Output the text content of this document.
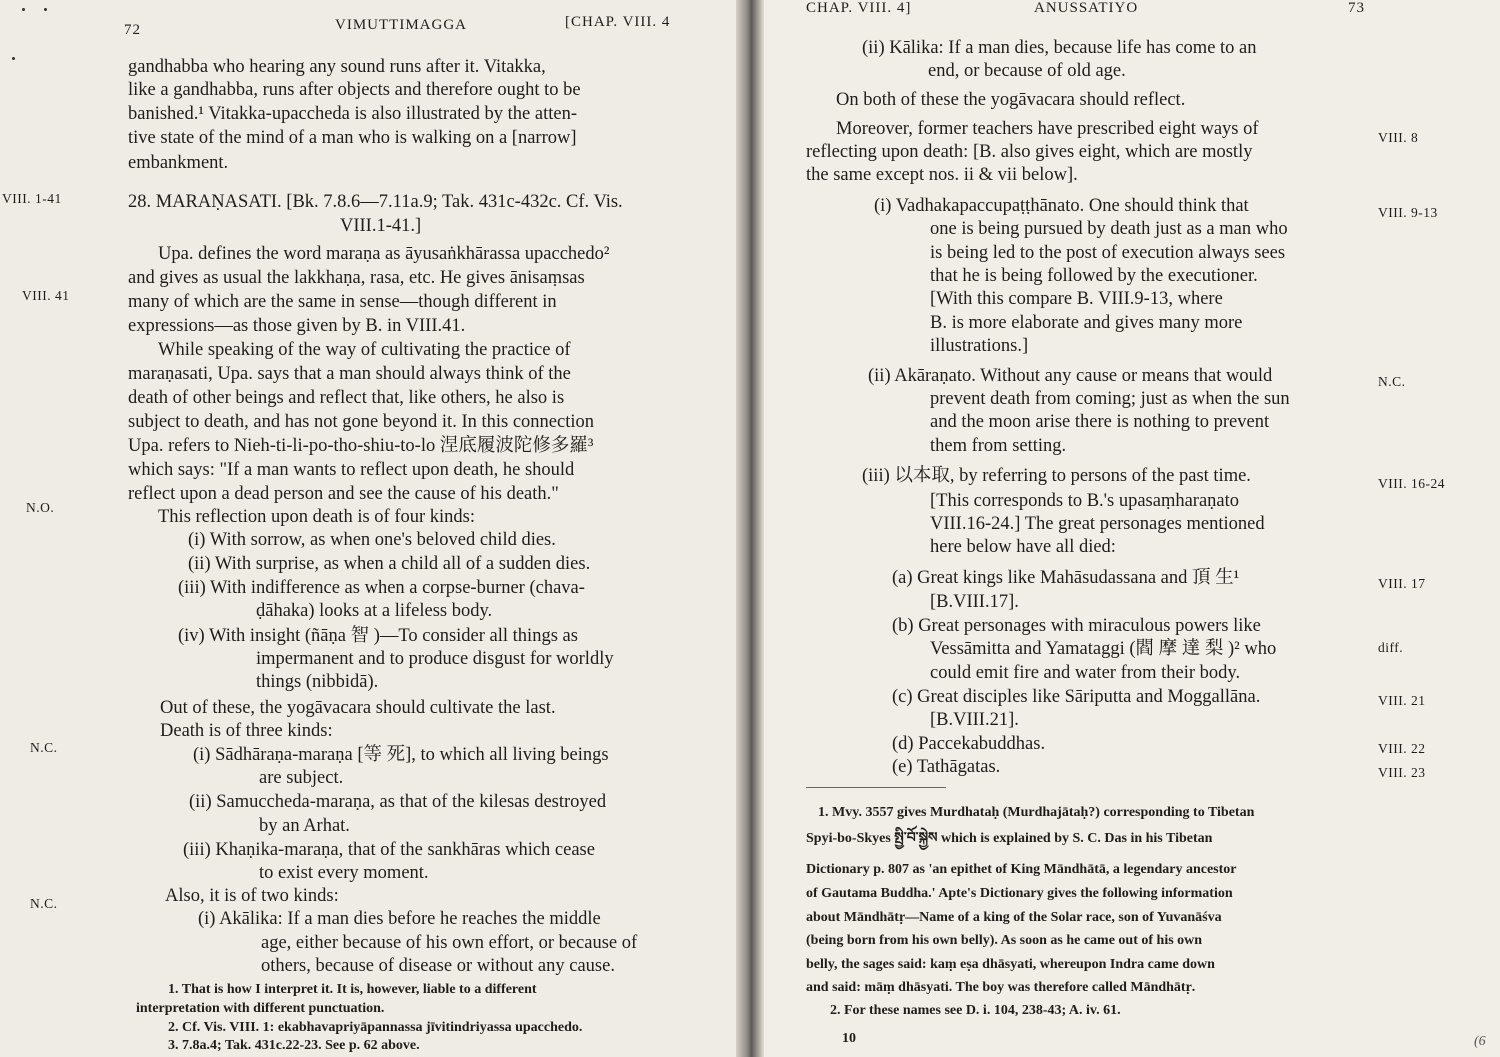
72	VIMUTTIMAGGA	[CHAP. VIII. 4
gandhabba who hearing any sound runs after it. Vitakka,
like a gandhabba, runs after objects and therefore ought to be
banished.¹ Vitakka-upaccheda is also illustrated by the atten-
tive state of the mind of a man who is walking on a [narrow]
embankment.
28. MARAṆASATI. [Bk. 7.8.6—7.11a.9; Tak. 431c-432c. Cf. Vis.
VIII.1-41.]
Upa. defines the word maraṇa as āyusaṅkhārassa upacchedo²
and gives as usual the lakkhaṇa, rasa, etc. He gives ānisaṃsas
many of which are the same in sense—though different in
expressions—as those given by B. in VIII.41.
While speaking of the way of cultivating the practice of
maraṇasati, Upa. says that a man should always think of the
death of other beings and reflect that, like others, he also is
subject to death, and has not gone beyond it. In this connection
Upa. refers to Nieh-ti-li-po-tho-shiu-to-lo 涅底履波陀修多羅³
which says: "If a man wants to reflect upon death, he should
reflect upon a dead person and see the cause of his death."
This reflection upon death is of four kinds:
(i) With sorrow, as when one's beloved child dies.
(ii) With surprise, as when a child all of a sudden dies.
(iii) With indifference as when a corpse-burner (chava-
ḍāhaka) looks at a lifeless body.
(iv) With insight (ñāṇa 智 )—To consider all things as
impermanent and to produce disgust for worldly
things (nibbidā).
Out of these, the yogāvacara should cultivate the last.
Death is of three kinds:
(i) Sādhāraṇa-maraṇa [等 死], to which all living beings
are subject.
(ii) Samuccheda-maraṇa, as that of the kilesas destroyed
by an Arhat.
(iii) Khaṇika-maraṇa, that of the sankhāras which cease
to exist every moment.
Also, it is of two kinds:
(i) Akālika: If a man dies before he reaches the middle
age, either because of his own effort, or because of
others, because of disease or without any cause.
1. That is how I interpret it. It is, however, liable to a different
interpretation with different punctuation.
2. Cf. Vis. VIII. 1: ekabhavapriyāpannassa jīvitindriyassa upacchedo.
3. 7.8a.4; Tak. 431c.22-23. See p. 62 above.
VIII. 1-41
VIII. 41
N.O.
N.C.
N.C.
CHAP. VIII. 4]	ANUSSATIYO	73
(ii) Kālika: If a man dies, because life has come to an
end, or because of old age.
On both of these the yogāvacara should reflect.
Moreover, former teachers have prescribed eight ways of
reflecting upon death: [B. also gives eight, which are mostly
the same except nos. ii & vii below].
(i) Vadhakapaccupaṭṭhānato. One should think that
one is being pursued by death just as a man who
is being led to the post of execution always sees
that he is being followed by the executioner.
[With this compare B. VIII.9-13, where
B. is more elaborate and gives many more
illustrations.]
(ii) Akāraṇato. Without any cause or means that would
prevent death from coming; just as when the sun
and the moon arise there is nothing to prevent
them from setting.
(iii) 以本取, by referring to persons of the past time.
[This corresponds to B.'s upasaṃharaṇato
VIII.16-24.] The great personages mentioned
here below have all died:
(a) Great kings like Mahāsudassana and 頂 生¹
[B.VIII.17].
(b) Great personages with miraculous powers like
Vessāmitta and Yamataggi (閻 摩 達 梨 )² who
could emit fire and water from their body.
(c) Great disciples like Sāriputta and Moggallāna.
[B.VIII.21].
(d) Paccekabuddhas.
(e) Tathāgatas.
1. Mvy. 3557 gives Murdhataḥ (Murdhajātaḥ?) corresponding to Tibetan
Spyi-bo-Skyes སྤྱི་བོ་སྐྱེས which is explained by S. C. Das in his Tibetan
Dictionary p. 807 as 'an epithet of King Māndhātā, a legendary ancestor
of Gautama Buddha.' Apte's Dictionary gives the following information
about Māndhātṛ—Name of a king of the Solar race, son of Yuvanāśva
(being born from his own belly). As soon as he came out of his own
belly, the sages said: kaṃ eṣa dhāsyati, whereupon Indra came down
and said: māṃ dhāsyati. The boy was therefore called Māndhātṛ.
2. For these names see D. i. 104, 238-43; A. iv. 61.
10
VIII. 8
VIII. 9-13
N.C.
VIII. 16-24
VIII. 17
diff.
VIII. 21
VIII. 22
VIII. 23
(6
